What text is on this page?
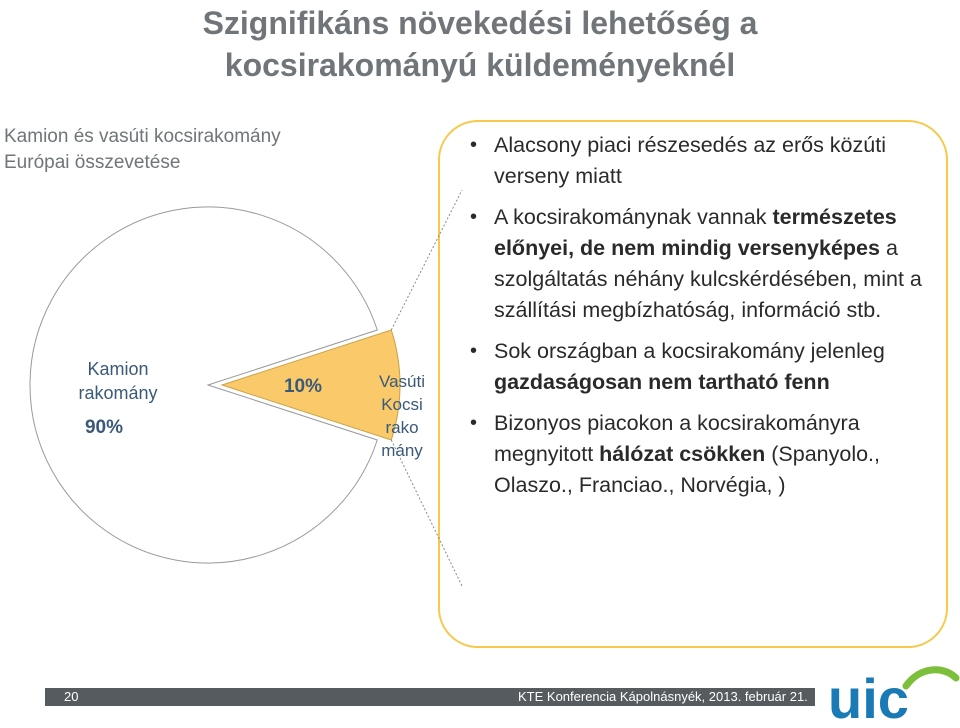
Szignifikáns növekedési lehetőség a
kocsirakományú küldeményeknél
Kamion és vasúti kocsirakomány
Európai összevetése
Kamion
rakomány
90%
10%	Vasúti
Kocsi
rako
mány
• Alacsony piaci részesedés az erős közúti verseny miatt
• A kocsirakománynak vannak természetes előnyei, de nem mindig versenyképes a szolgáltatás néhány kulcskérdésében, mint a szállítási megbízhatóság, információ stb.
• Sok országban a kocsirakomány jelenleg gazdaságosan nem tartható fenn
• Bizonyos piacokon a kocsirakományra megnyitott hálózat csökken (Spanyolo., Olaszo., Franciao., Norvégia, )
20	KTE Konferencia Kápolnásnyék, 2013. február 21. uic
